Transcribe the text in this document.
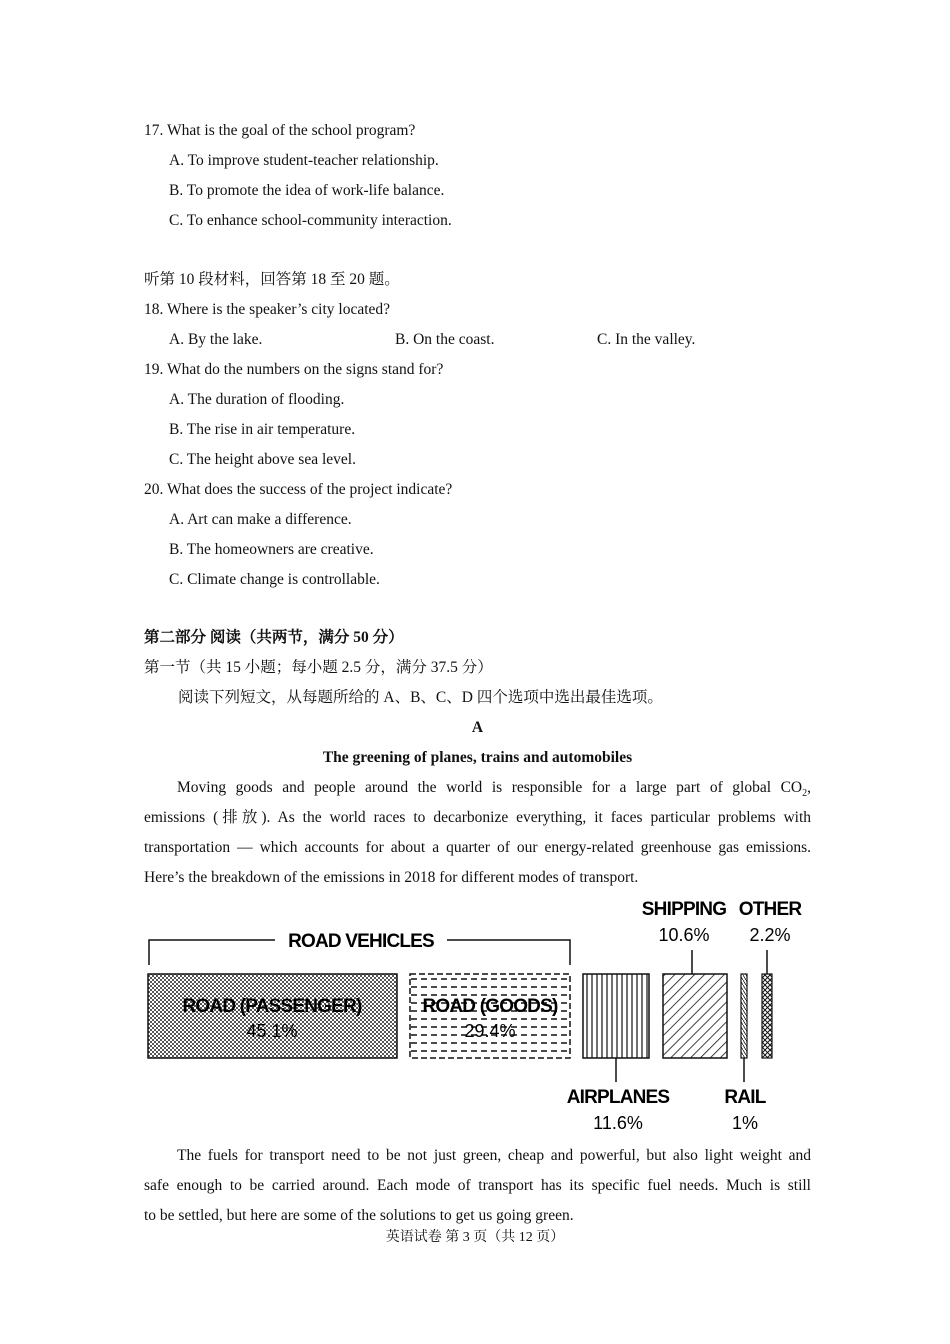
17. What is the goal of the school program?
A. To improve student-teacher relationship.
B. To promote the idea of work-life balance.
C. To enhance school-community interaction.
听第 10 段材料，回答第 18 至 20 题。
18. Where is the speaker’s city located?
A. By the lake.	B. On the coast.	C. In the valley.
19. What do the numbers on the signs stand for?
A. The duration of flooding.
B. The rise in air temperature.
C. The height above sea level.
20. What does the success of the project indicate?
A. Art can make a difference.
B. The homeowners are creative.
C. Climate change is controllable.
第二部分 阅读（共两节，满分 50 分）
第一节（共 15 小题；每小题 2.5 分，满分 37.5 分）
阅读下列短文，从每题所给的 A、B、C、D 四个选项中选出最佳选项。
A
The greening of planes, trains and automobiles
Moving goods and people around the world is responsible for a large part of global $CO_2$,
emissions (排放). As the world races to decarbonize everything, it faces particular problems with
transportation — which accounts for about a quarter of our energy-related greenhouse gas emissions.
Here’s the breakdown of the emissions in 2018 for different modes of transport.
ROAD VEHICLES
ROAD (PASSENGER)
45.1%
ROAD (GOODS)
29.4%
AIRPLANES
11.6%
SHIPPING
10.6%
RAIL
1%
OTHER
2.2%
The fuels for transport need to be not just green, cheap and powerful, but also light weight and
safe enough to be carried around. Each mode of transport has its specific fuel needs. Much is still
to be settled, but here are some of the solutions to get us going green.
英语试卷 第 3 页（共 12 页）
